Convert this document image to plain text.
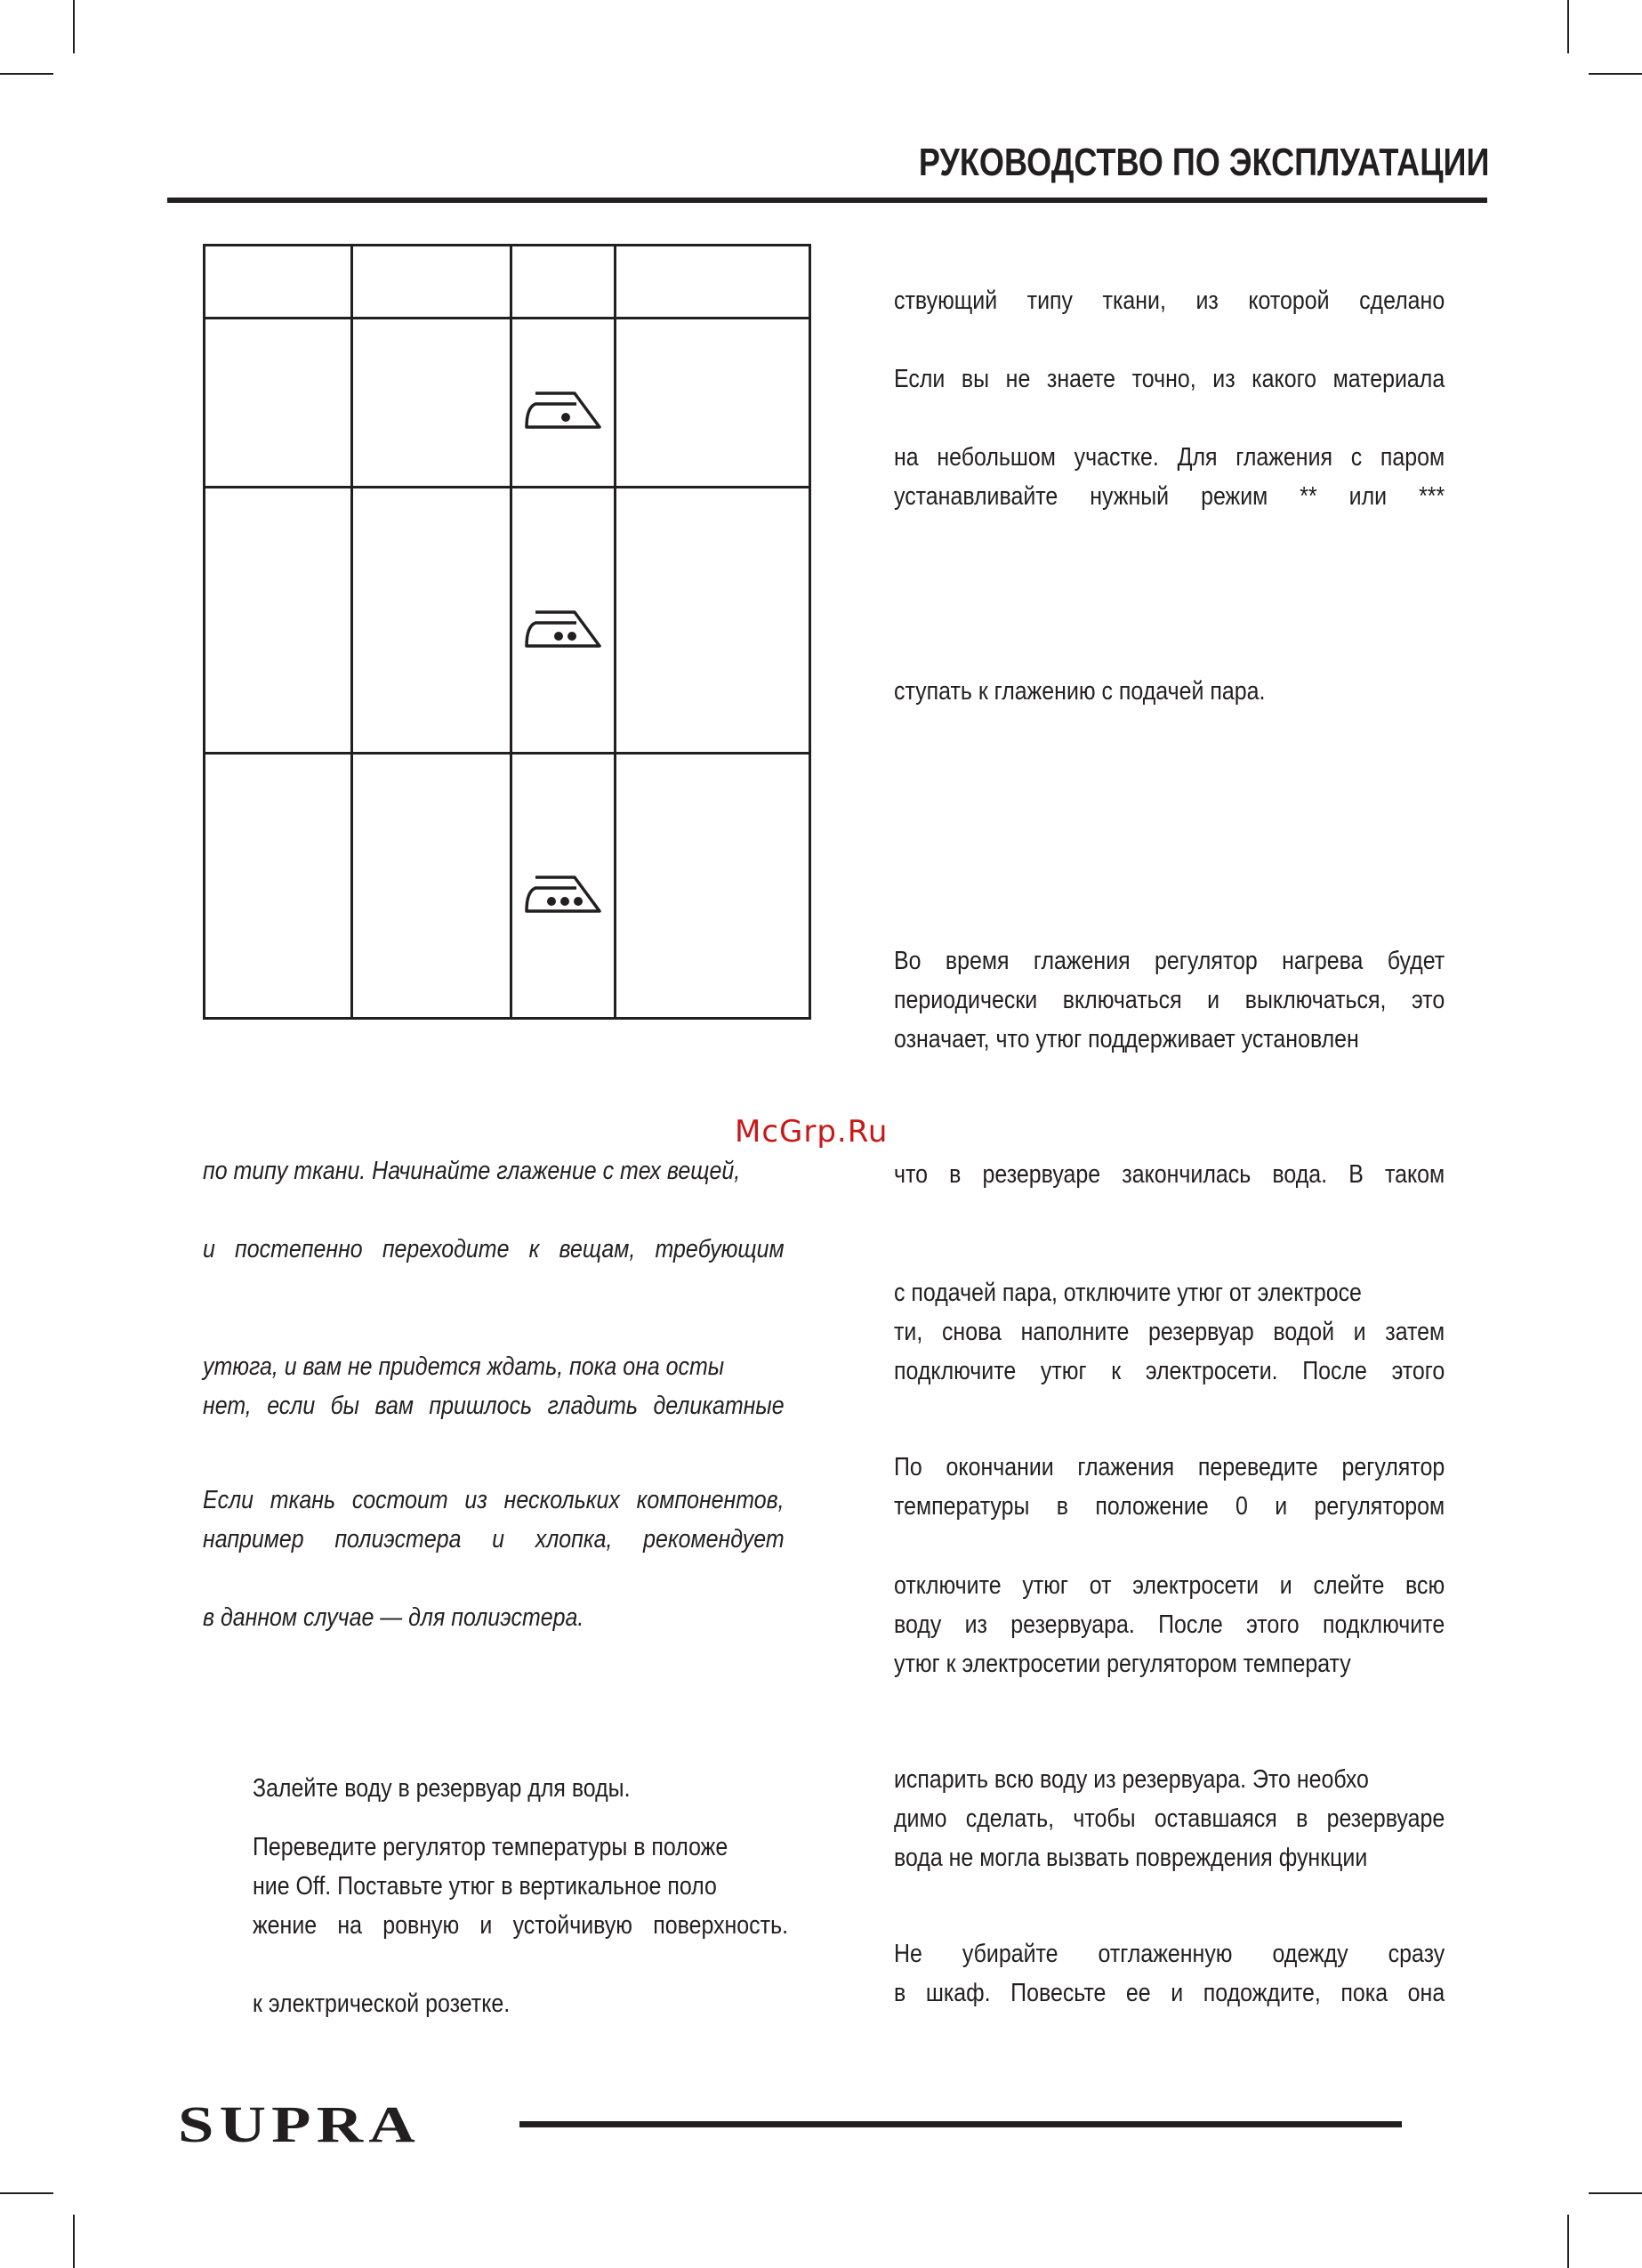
РУКОВОДСТВО ПО ЭКСПЛУАТАЦИИ

ствующий типу ткани, из которой сделано

Если вы не знаете точно, из какого материала

на небольшом участке. Для глажения с паром

устанавливайте нужный режим ** или ***

ступать к глажению с подачей пара.

Во время глажения регулятор нагрева будет

периодически включаться и выключаться, это

означает, что утюг поддерживает установлен

что в резервуаре закончилась вода. В таком

с подачей пара, отключите утюг от электросе

ти, снова наполните резервуар водой и затем

подключите утюг к электросети. После этого

По окончании глажения переведите регулятор

температуры в положение 0 и регулятором

отключите утюг от электросети и слейте всю

воду из резервуара. После этого подключите

утюг к электросетии регулятором температу

испарить всю воду из резервуара. Это необхо

димо сделать, чтобы оставшаяся в резервуаре

вода не могла вызвать повреждения функции

Не убирайте отглаженную одежду сразу

в шкаф. Повесьте ее и подождите, пока она

McGrp.Ru

по типу ткани. Начинайте глажение с тех вещей,

и постепенно переходите к вещам, требующим

утюга, и вам не придется ждать, пока она осты

нет, если бы вам пришлось гладить деликатные

Если ткань состоит из нескольких компонентов,

например полиэстера и хлопка, рекомендует

в данном случае — для полиэстера.

Залейте воду в резервуар для воды.

Переведите регулятор температуры в положе

ние Off. Поставьте утюг в вертикальное поло

жение на ровную и устойчивую поверхность.

к электрической розетке.

SUPRA
